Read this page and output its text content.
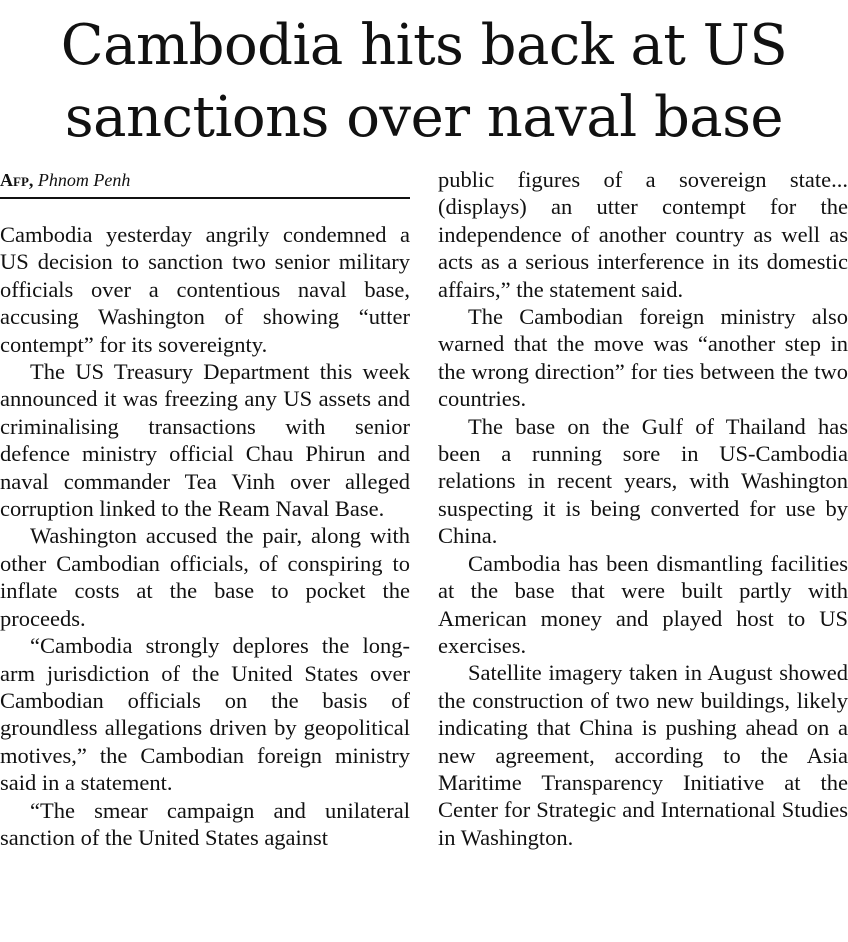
Cambodia hits back at US
sanctions over naval base
Afp, Phnom Penh

Cambodia yesterday angrily condemned a US decision to sanction two senior military officials over a contentious naval base, accusing Washington of showing “utter contempt” for its sovereignty.

The US Treasury Department this week announced it was freezing any US assets and criminalising transactions with senior defence ministry official Chau Phirun and naval commander Tea Vinh over alleged corruption linked to the Ream Naval Base.

Washington accused the pair, along with other Cambodian officials, of conspiring to inflate costs at the base to pocket the proceeds.

“Cambodia strongly deplores the long-arm jurisdiction of the United States over Cambodian officials on the basis of groundless allegations driven by geopolitical motives,” the Cambodian foreign ministry said in a statement.

“The smear campaign and unilateral sanction of the United States against

public figures of a sovereign state... (displays) an utter contempt for the independence of another country as well as acts as a serious interference in its domestic affairs,” the statement said.

The Cambodian foreign ministry also warned that the move was “another step in the wrong direction” for ties between the two countries.

The base on the Gulf of Thailand has been a running sore in US-Cambodia relations in recent years, with Washington suspecting it is being converted for use by China.

Cambodia has been dismantling facilities at the base that were built partly with American money and played host to US exercises.

Satellite imagery taken in August showed the construction of two new buildings, likely indicating that China is pushing ahead on a new agreement, according to the Asia Maritime Transparency Initiative at the Center for Strategic and International Studies in Washington.
